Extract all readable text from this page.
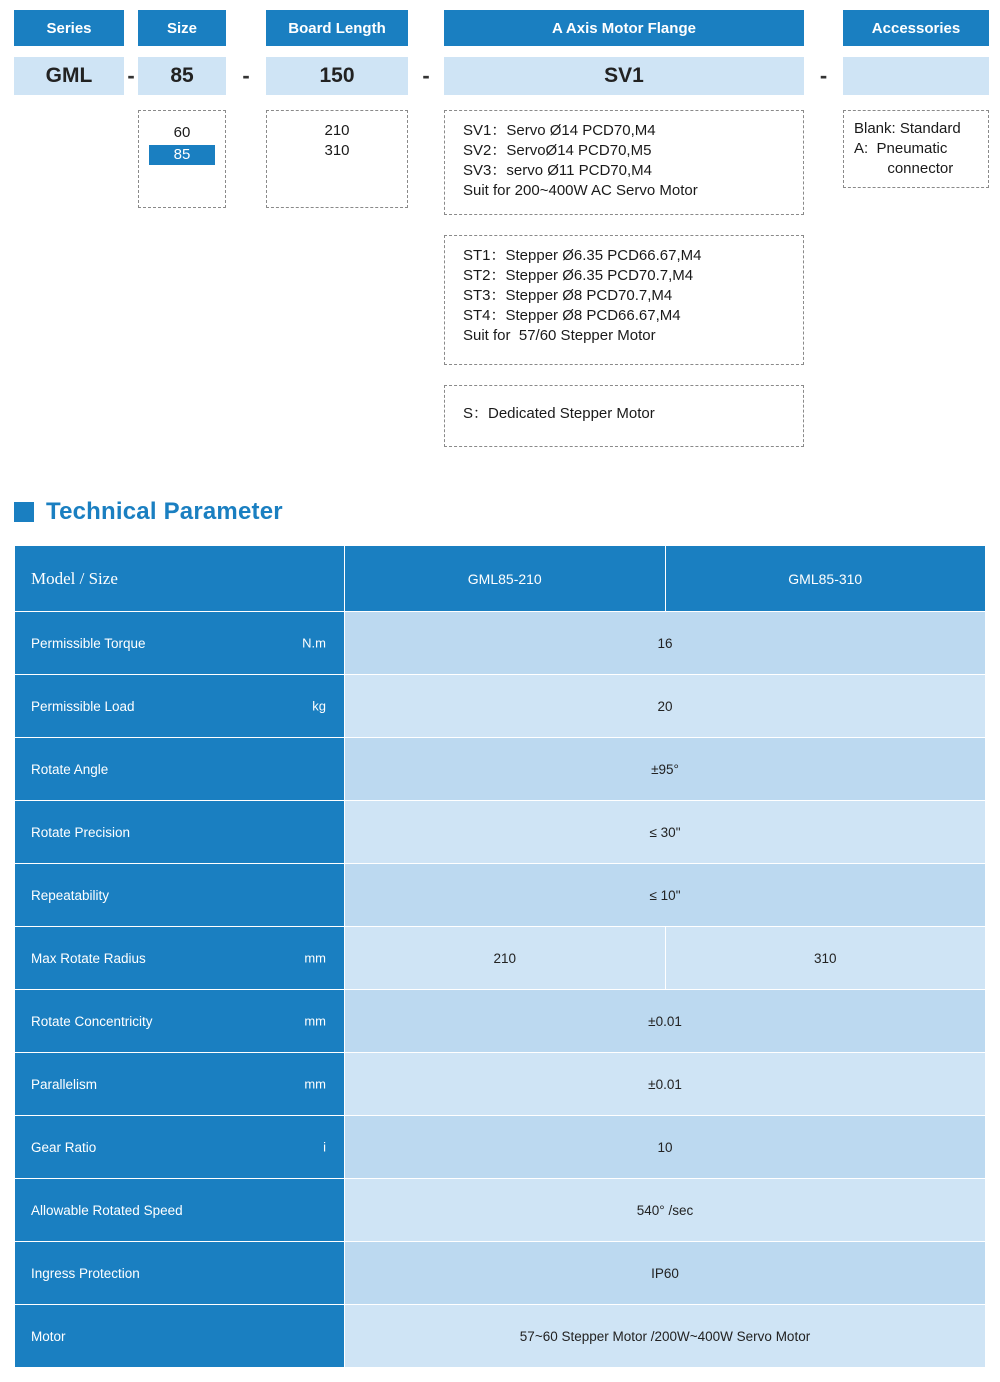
Series	Size	Board Length	A Axis Motor Flange	Accessories
GML	85	150	SV1
-	-	-	-
60
85
210
310
SV1：Servo Ø14 PCD70,M4
SV2：ServoØ14 PCD70,M5
SV3：servo Ø11 PCD70,M4
Suit for 200~400W AC Servo Motor
ST1：Stepper Ø6.35 PCD66.67,M4
ST2：Stepper Ø6.35 PCD70.7,M4
ST3：Stepper Ø8 PCD70.7,M4
ST4：Stepper Ø8 PCD66.67,M4
Suit for  57/60 Stepper Motor
S：Dedicated Stepper Motor
Blank: Standard
A:  Pneumatic
connector
Technical Parameter
Model / Size	GML85-210	GML85-310
Permissible Torque N.m	16	
Permissible Load kg	20	
Rotate Angle	±95°	
Rotate Precision	≤ 30"	
Repeatability	≤ 10"	
Max Rotate Radius mm	210	310
Rotate Concentricity mm	±0.01	
Parallelism mm	±0.01	
Gear Ratio i	10	
Allowable Rotated Speed	540° /sec	
Ingress Protection	IP60	
Motor	57~60 Stepper Motor /200W~400W Servo Motor	
